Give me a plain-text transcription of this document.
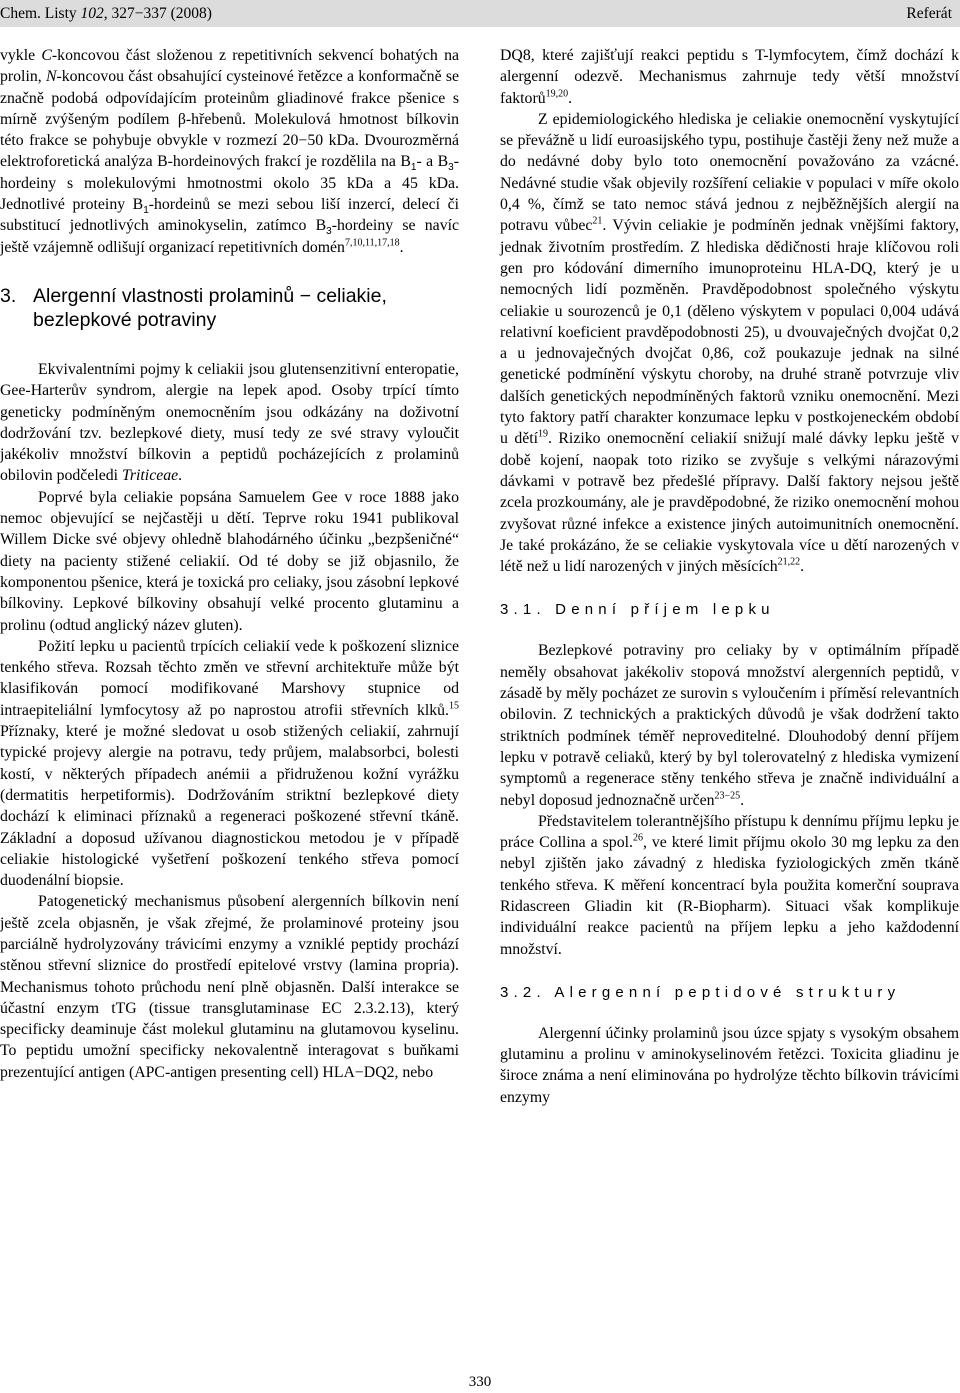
Chem. Listy 102, 327−337 (2008)	Referát

vykle C-koncovou část složenou z repetitivních sekvencí bohatých na prolin, N-koncovou část obsahující cysteinové řetězce a konformačně se značně podobá odpovídajícím proteinům gliadinové frakce pšenice s mírně zvýšeným podílem β-hřebenů. Molekulová hmotnost bílkovin této frakce se pohybuje obvykle v rozmezí 20−50 kDa. Dvourozměrná elektroforetická analýza B-hordeinových frakcí je rozdělila na $B_1-$ a $B_3$-hordeiny s molekulovými hmotnostmi okolo 35 kDa a 45 kDa. Jednotlivé proteiny $B_1$-hordeinů se mezi sebou liší inzercí, delecí či substitucí jednotlivých aminokyselin, zatímco $B_3$-hordeiny se navíc ještě vzájemně odlišují organizací repetitivních domén$^{7,10,11,17,18}$.

3. Alergenní vlastnosti prolaminů − celiakie, bezlepkové potraviny

Ekvivalentními pojmy k celiakii jsou glutensenzitivní enteropatie, Gee-Harterův syndrom, alergie na lepek apod. Osoby trpící tímto geneticky podmíněným onemocněním jsou odkázány na doživotní dodržování tzv. bezlepkové diety, musí tedy ze své stravy vyloučit jakékoliv množství bílkovin a peptidů pocházejících z prolaminů obilovin podčeledi Triticeae.

Poprvé byla celiakie popsána Samuelem Gee v roce 1888 jako nemoc objevující se nejčastěji u dětí. Teprve roku 1941 publikoval Willem Dicke své objevy ohledně blahodárného účinku „bezpšeničné“ diety na pacienty stižené celiakií. Od té doby se již objasnilo, že komponentou pšenice, která je toxická pro celiaky, jsou zásobní lepkové bílkoviny. Lepkové bílkoviny obsahují velké procento glutaminu a prolinu (odtud anglický název gluten).

Požití lepku u pacientů trpících celiakií vede k poškození sliznice tenkého střeva. Rozsah těchto změn ve střevní architektuře může být klasifikován pomocí modifikované Marshovy stupnice od intraepiteliální lymfocytosy až po naprostou atrofii střevních klků.$^{15}$ Příznaky, které je možné sledovat u osob stižených celiakií, zahrnují typické projevy alergie na potravu, tedy průjem, malabsorbci, bolesti kostí, v některých případech anémii a přidruženou kožní vyrážku (dermatitis herpetiformis). Dodržováním striktní bezlepkové diety dochází k eliminaci příznaků a regeneraci poškozené střevní tkáně. Základní a doposud užívanou diagnostickou metodou je v případě celiakie histologické vyšetření poškození tenkého střeva pomocí duodenální biopsie.

Patogenetický mechanismus působení alergenních bílkovin není ještě zcela objasněn, je však zřejmé, že prolaminové proteiny jsou parciálně hydrolyzovány trávicími enzymy a vzniklé peptidy prochází stěnou střevní sliznice do prostředí epitelové vrstvy (lamina propria). Mechanismus tohoto průchodu není plně objasněn. Další interakce se účastní enzym tTG (tissue transglutaminase EC 2.3.2.13), který specificky deaminuje část molekul glutaminu na glutamovou kyselinu. To peptidu umožní specificky nekovalentně interagovat s buňkami prezentující antigen (APC-antigen presenting cell) HLA−DQ2, nebo

DQ8, které zajišťují reakci peptidu s T-lymfocytem, čímž dochází k alergenní odezvě. Mechanismus zahrnuje tedy větší množství faktorů$^{19,20}$.

Z epidemiologického hlediska je celiakie onemocnění vyskytující se převážně u lidí euroasijského typu, postihuje častěji ženy než muže a do nedávné doby bylo toto onemocnění považováno za vzácné. Nedávné studie však objevily rozšíření celiakie v populaci v míře okolo 0,4 %, čímž se tato nemoc stává jednou z nejběžnějších alergií na potravu vůbec$^{21}$. Vývin celiakie je podmíněn jednak vnějšími faktory, jednak životním prostředím. Z hlediska dědičnosti hraje klíčovou roli gen pro kódování dimerního imunoproteinu HLA-DQ, který je u nemocných lidí pozměněn. Pravděpodobnost společného výskytu celiakie u sourozenců je 0,1 (děleno výskytem v populaci 0,004 udává relativní koeficient pravděpodobnosti 25), u dvouvaječných dvojčat 0,2 a u jednovaječných dvojčat 0,86, což poukazuje jednak na silné genetické podmínění výskytu choroby, na druhé straně potvrzuje vliv dalších genetických nepodmíněných faktorů vzniku onemocnění. Mezi tyto faktory patří charakter konzumace lepku v postkojeneckém období u dětí$^{19}$. Riziko onemocnění celiakií snižují malé dávky lepku ještě v době kojení, naopak toto riziko se zvyšuje s velkými nárazovými dávkami v potravě bez předešlé přípravy. Další faktory nejsou ještě zcela prozkoumány, ale je pravděpodobné, že riziko onemocnění mohou zvyšovat různé infekce a existence jiných autoimunitních onemocnění. Je také prokázáno, že se celiakie vyskytovala více u dětí narozených v létě než u lidí narozených v jiných měsících$^{21,22}$.

3.1. Denní příjem lepku

Bezlepkové potraviny pro celiaky by v optimálním případě neměly obsahovat jakékoliv stopová množství alergenních peptidů, v zásadě by měly pocházet ze surovin s vyloučením i příměsí relevantních obilovin. Z technických a praktických důvodů je však dodržení takto striktních podmínek téměř neproveditelné. Dlouhodobý denní příjem lepku v potravě celiaků, který by byl tolerovatelný z hlediska vymizení symptomů a regenerace stěny tenkého střeva je značně individuální a nebyl doposud jednoznačně určen$^{23-25}$.

Představitelem tolerantnějšího přístupu k dennímu příjmu lepku je práce Collina a spol.$^{26}$, ve které limit příjmu okolo 30 mg lepku za den nebyl zjištěn jako závadný z hlediska fyziologických změn tkáně tenkého střeva. K měření koncentrací byla použita komerční souprava Ridascreen Gliadin kit (R-Biopharm). Situaci však komplikuje individuální reakce pacientů na příjem lepku a jeho každodenní množství.

3.2. Alergenní peptidové struktury

Alergenní účinky prolaminů jsou úzce spjaty s vysokým obsahem glutaminu a prolinu v aminokyselinovém řetězci. Toxicita gliadinu je široce známa a není eliminována po hydrolýze těchto bílkovin trávicími enzymy

330
